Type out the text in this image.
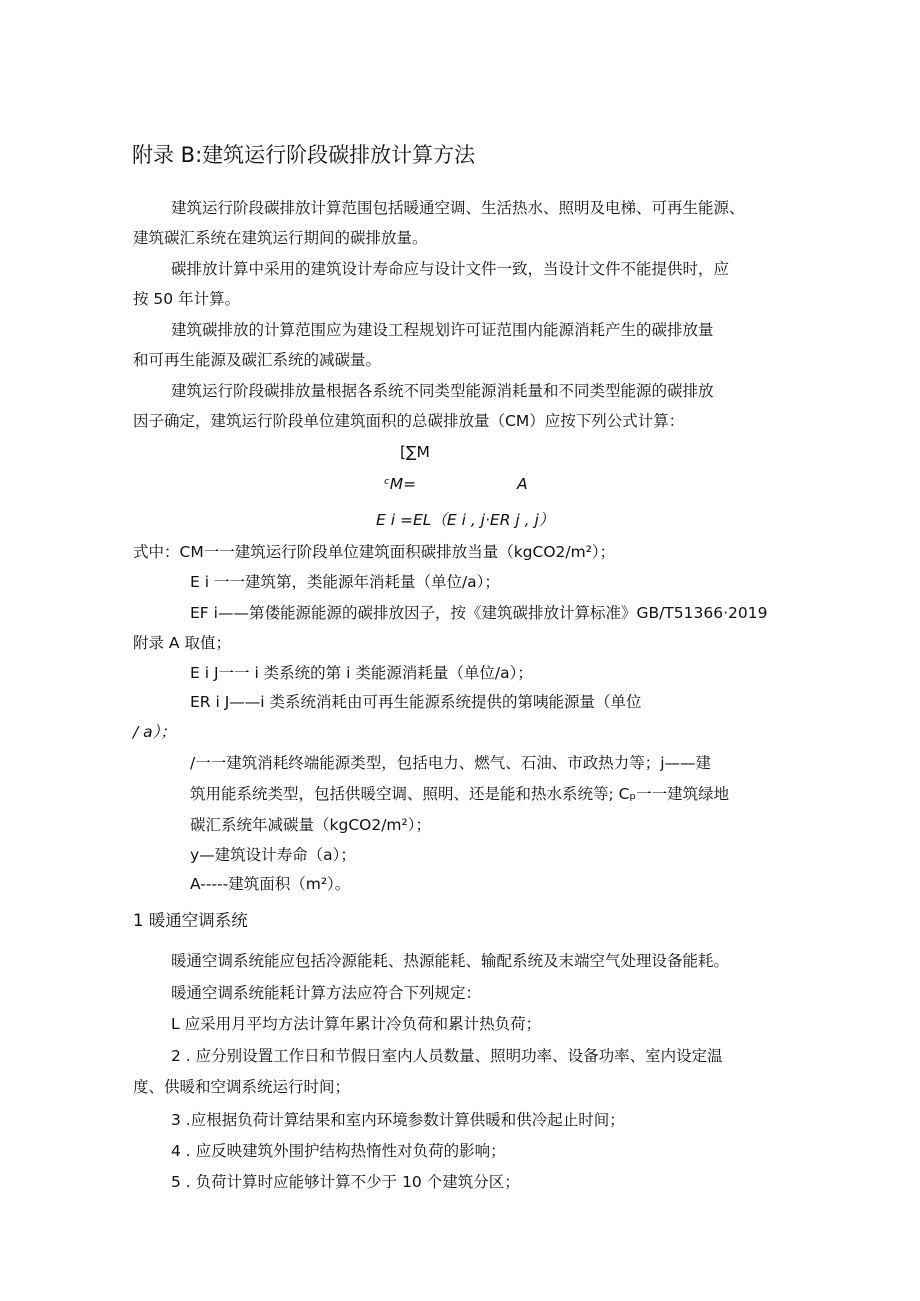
附录 B:建筑运行阶段碳排放计算方法
建筑运行阶段碳排放计算范围包括暖通空调、生活热水、照明及电梯、可再生能源、
建筑碳汇系统在建筑运行期间的碳排放量。
碳排放计算中采用的建筑设计寿命应与设计文件一致，当设计文件不能提供时，应
按 50 年计算。
建筑碳排放的计算范围应为建设工程规划许可证范围内能源消耗产生的碳排放量
和可再生能源及碳汇系统的减碳量。
建筑运行阶段碳排放量根据各系统不同类型能源消耗量和不同类型能源的碳排放
因子确定，建筑运行阶段单位建筑面积的总碳排放量（CM）应按下列公式计算：
[∑M
ᶜM=	A
E i =EL（E i , j·ER j , j）
式中：CM一一建筑运行阶段单位建筑面积碳排放当量（kgCO2/m²）；
E i 一一建筑第，类能源年消耗量（单位/a）；
EF i——第偻能源能源的碳排放因子，按《建筑碳排放计算标准》GB/T51366·2019
附录 A 取值；
E i J一一 i 类系统的第 i 类能源消耗量（单位/a）；
ER i J——i 类系统消耗由可再生能源系统提供的第咦能源量（单位
/ a）；
/一一建筑消耗终端能源类型，包括电力、燃气、石油、市政热力等；j——建
筑用能系统类型，包括供暖空调、照明、还是能和热水系统等; Cₚ一一建筑绿地
碳汇系统年减碳量（kgCO2/m²）；
y—建筑设计寿命（a）；
A-----建筑面积（m²）。
1 暖通空调系统
暖通空调系统能应包括冷源能耗、热源能耗、输配系统及末端空气处理设备能耗。
暖通空调系统能耗计算方法应符合下列规定：
L 应采用月平均方法计算年累计冷负荷和累计热负荷；
2 . 应分别设置工作日和节假日室内人员数量、照明功率、设备功率、室内设定温
度、供暖和空调系统运行时间；
3 .应根据负荷计算结果和室内环境参数计算供暖和供冷起止时间；
4 . 应反映建筑外围护结构热惰性对负荷的影响；
5 . 负荷计算时应能够计算不少于 10 个建筑分区；
